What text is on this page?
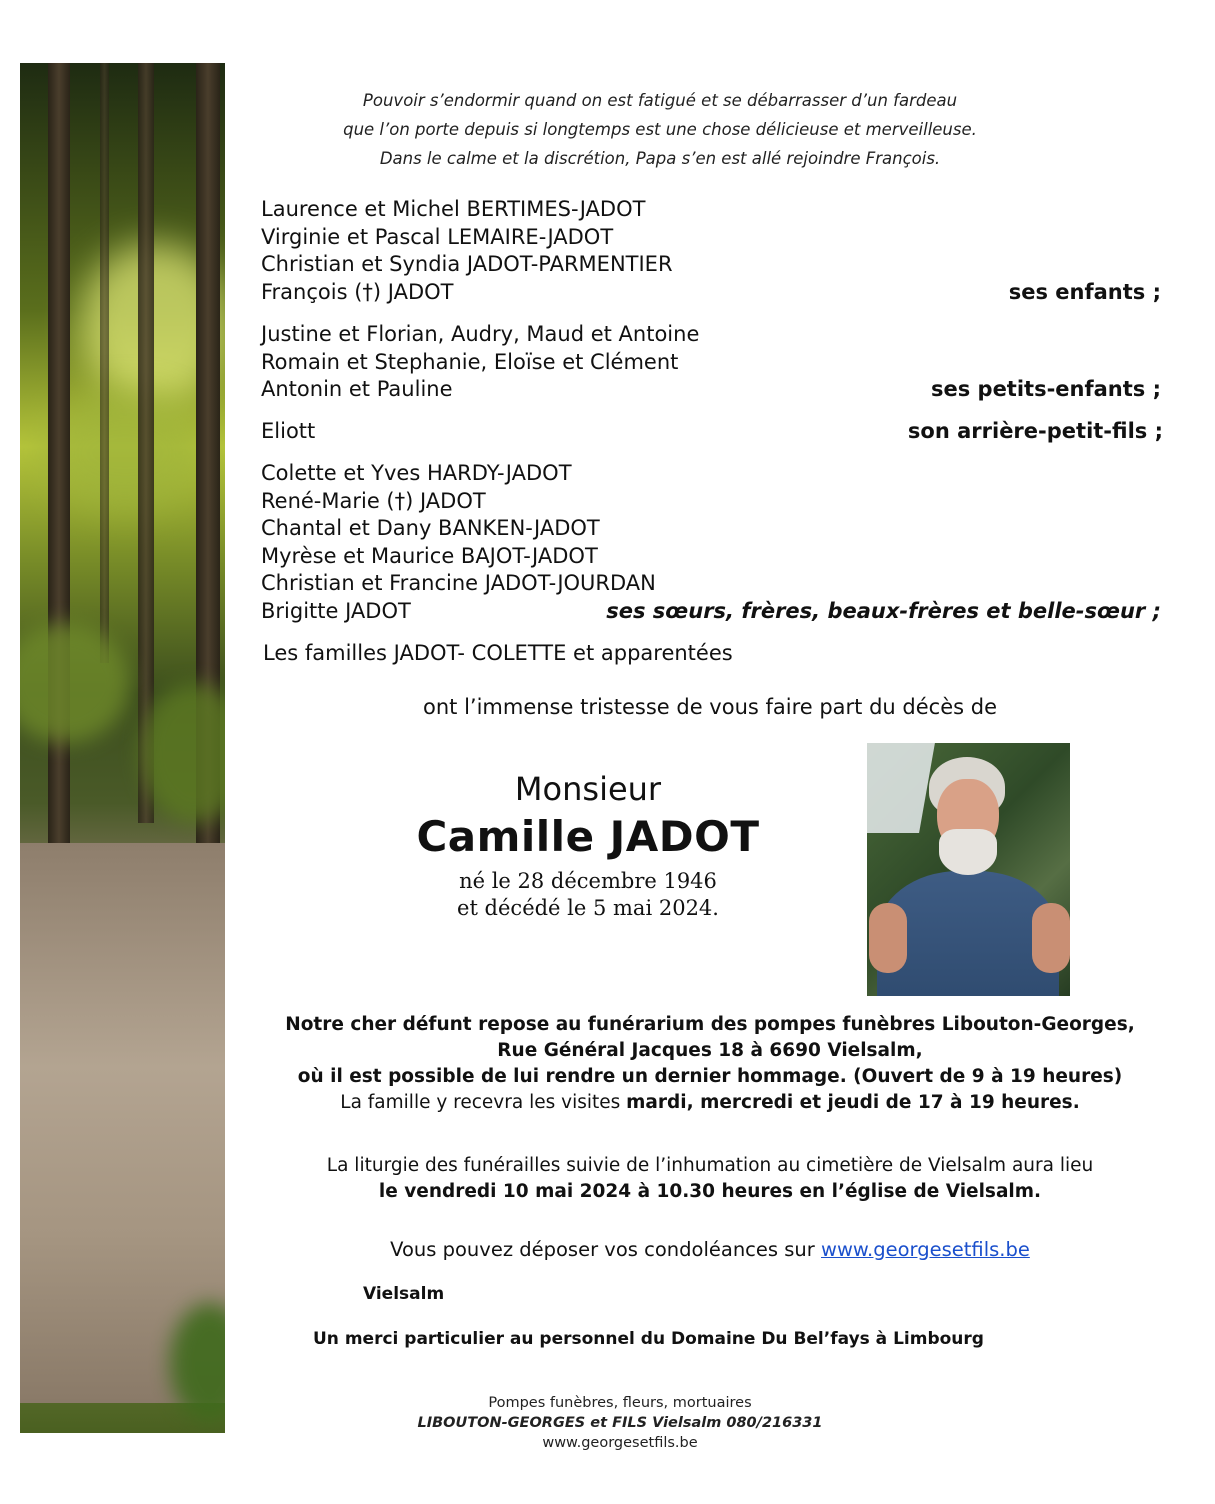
Pouvoir s’endormir quand on est fatigué et se débarrasser d’un fardeau
que l’on porte depuis si longtemps est une chose délicieuse et merveilleuse.
Dans le calme et la discrétion, Papa s’en est allé rejoindre François.
Laurence et Michel BERTIMES-JADOT
Virginie et Pascal LEMAIRE-JADOT
Christian et Syndia JADOT-PARMENTIER
François (†) JADOT	ses enfants ;
Justine et Florian, Audry, Maud et Antoine
Romain et Stephanie, Eloïse et Clément
Antonin et Pauline	ses petits-enfants ;
Eliott	son arrière-petit-fils ;
Colette et Yves HARDY-JADOT
René-Marie (†) JADOT
Chantal et Dany BANKEN-JADOT
Myrèse et Maurice BAJOT-JADOT
Christian et Francine JADOT-JOURDAN
Brigitte JADOT	ses sœurs, frères, beaux-frères et belle-sœur ;
Les familles JADOT- COLETTE et apparentées
ont l’immense tristesse de vous faire part du décès de
Monsieur
Camille JADOT
né le 28 décembre 1946
et décédé le 5 mai 2024.
Notre cher défunt repose au funérarium des pompes funèbres Libouton-Georges,
Rue Général Jacques 18 à 6690 Vielsalm,
où il est possible de lui rendre un dernier hommage. (Ouvert de 9 à 19 heures)
La famille y recevra les visites mardi, mercredi et jeudi de 17 à 19 heures.
La liturgie des funérailles suivie de l’inhumation au cimetière de Vielsalm aura lieu
le vendredi 10 mai 2024 à 10.30 heures en l’église de Vielsalm.
Vous pouvez déposer vos condoléances sur www.georgesetfils.be
Vielsalm
Un merci particulier au personnel du Domaine Du Bel’fays à Limbourg
Pompes funèbres, fleurs, mortuaires
LIBOUTON-GEORGES et FILS Vielsalm 080/216331 www.georgesetfils.be
